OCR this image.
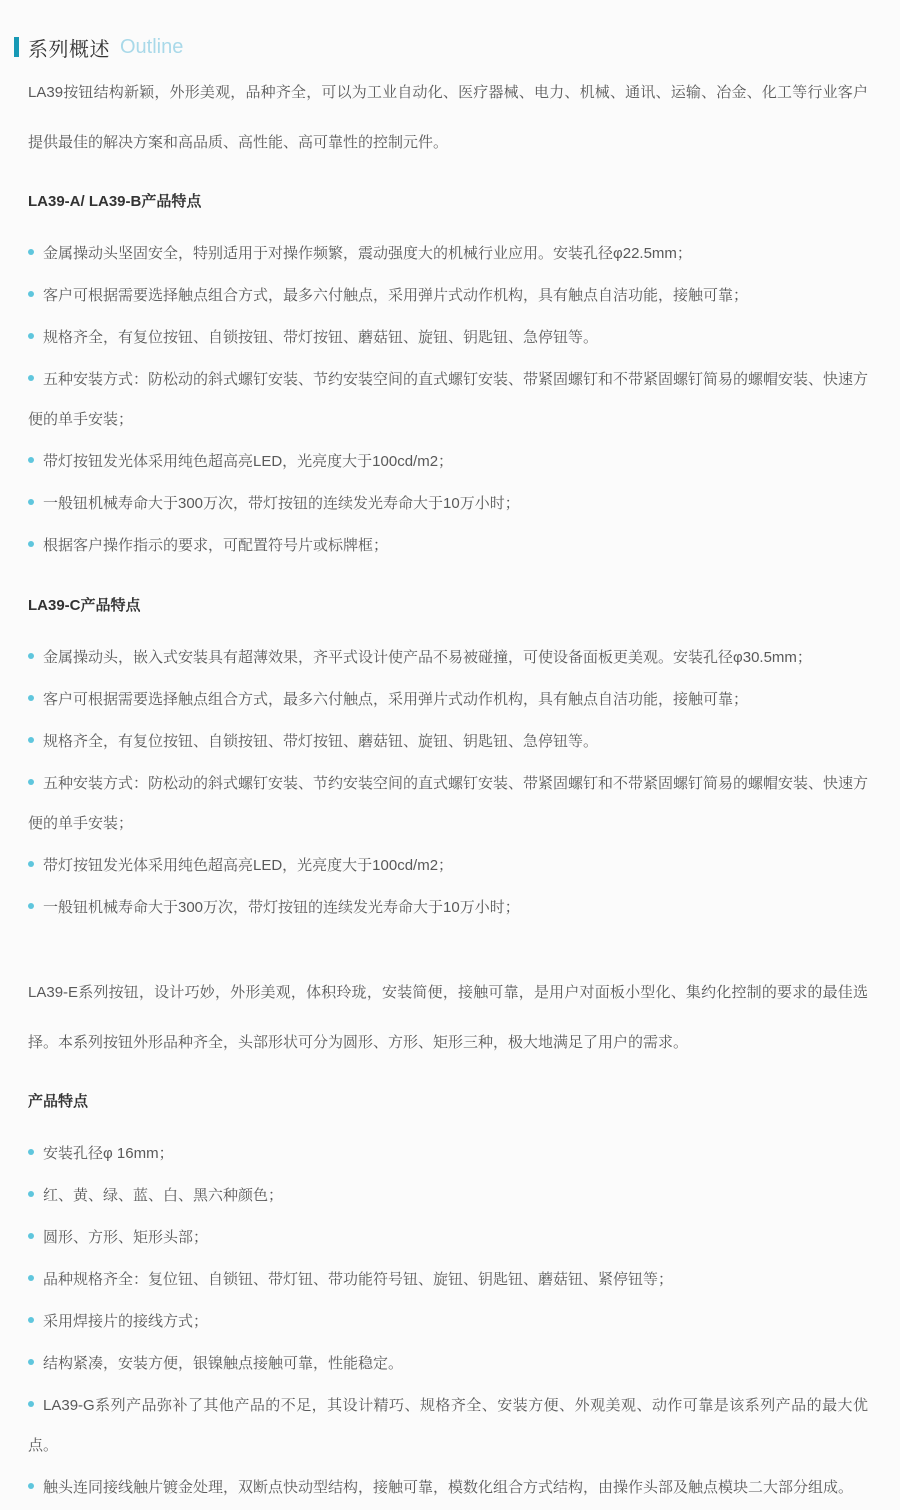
系列概述 Outline

LA39按钮结构新颖，外形美观，品种齐全，可以为工业自动化、医疗器械、电力、机械、通讯、运输、冶金、化工等行业客户提供最佳的解决方案和高品质、高性能、高可靠性的控制元件。

LA39-A/ LA39-B产品特点

金属操动头坚固安全，特别适用于对操作频繁，震动强度大的机械行业应用。安装孔径φ22.5mm；

客户可根据需要选择触点组合方式，最多六付触点，采用弹片式动作机构，具有触点自洁功能，接触可靠；

规格齐全，有复位按钮、自锁按钮、带灯按钮、蘑菇钮、旋钮、钥匙钮、急停钮等。

五种安装方式：防松动的斜式螺钉安装、节约安装空间的直式螺钉安装、带紧固螺钉和不带紧固螺钉简易的螺帽安装、快速方便的单手安装；

带灯按钮发光体采用纯色超高亮LED，光亮度大于100cd/m2；

一般钮机械寿命大于300万次，带灯按钮的连续发光寿命大于10万小时；

根据客户操作指示的要求，可配置符号片或标牌框；

LA39-C产品特点

金属操动头，嵌入式安装具有超薄效果，齐平式设计使产品不易被碰撞，可使设备面板更美观。安装孔径φ30.5mm；

客户可根据需要选择触点组合方式，最多六付触点，采用弹片式动作机构，具有触点自洁功能，接触可靠；

规格齐全，有复位按钮、自锁按钮、带灯按钮、蘑菇钮、旋钮、钥匙钮、急停钮等。

五种安装方式：防松动的斜式螺钉安装、节约安装空间的直式螺钉安装、带紧固螺钉和不带紧固螺钉简易的螺帽安装、快速方便的单手安装；

带灯按钮发光体采用纯色超高亮LED，光亮度大于100cd/m2；

一般钮机械寿命大于300万次，带灯按钮的连续发光寿命大于10万小时；

LA39-E系列按钮，设计巧妙，外形美观，体积玲珑，安装简便，接触可靠，是用户对面板小型化、集约化控制的要求的最佳选择。本系列按钮外形品种齐全，头部形状可分为圆形、方形、矩形三种，极大地满足了用户的需求。

产品特点

安装孔径φ 16mm；

红、黄、绿、蓝、白、黑六种颜色；

圆形、方形、矩形头部；

品种规格齐全：复位钮、自锁钮、带灯钮、带功能符号钮、旋钮、钥匙钮、蘑菇钮、紧停钮等；

采用焊接片的接线方式；

结构紧凑，安装方便，银镍触点接触可靠，性能稳定。

LA39-G系列产品弥补了其他产品的不足，其设计精巧、规格齐全、安装方便、外观美观、动作可靠是该系列产品的最大优点。

触头连同接线触片镀金处理，双断点快动型结构，接触可靠，模数化组合方式结构，由操作头部及触点模块二大部分组成。
